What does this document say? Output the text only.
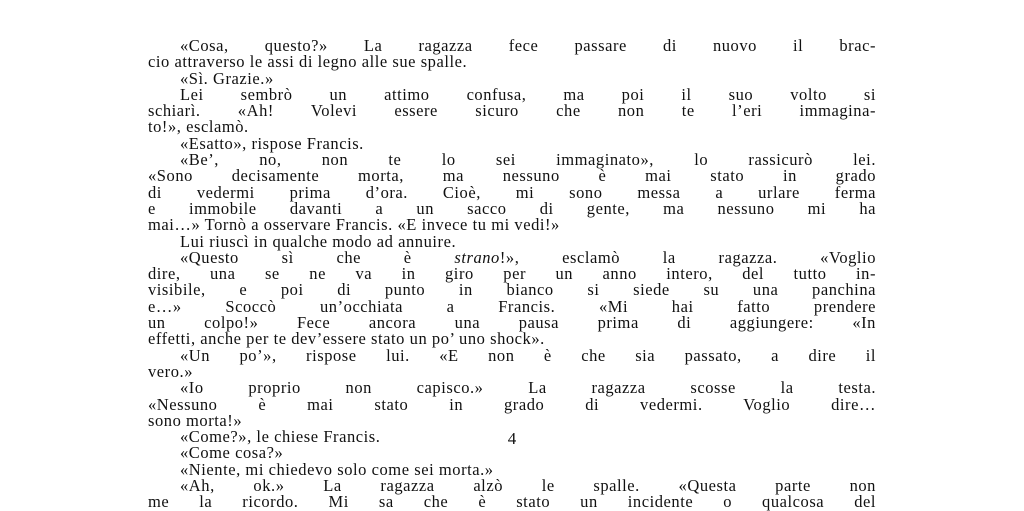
«Cosa, questo?» La ragazza fece passare di nuovo il brac-
cio attraverso le assi di legno alle sue spalle.
«Sì. Grazie.»
Lei sembrò un attimo confusa, ma poi il suo volto si
schiarì. «Ah! Volevi essere sicuro che non te l’eri immagina-
to!», esclamò.
«Esatto», rispose Francis.
«Be’, no, non te lo sei immaginato», lo rassicurò lei.
«Sono decisamente morta, ma nessuno è mai stato in grado
di vedermi prima d’ora. Cioè, mi sono messa a urlare ferma
e immobile davanti a un sacco di gente, ma nessuno mi ha
mai…» Tornò a osservare Francis. «E invece tu mi vedi!»
Lui riuscì in qualche modo ad annuire.
«Questo sì che è strano!», esclamò la ragazza. «Voglio
dire, una se ne va in giro per un anno intero, del tutto in-
visibile, e poi di punto in bianco si siede su una panchina
e…» Scoccò un’occhiata a Francis. «Mi hai fatto prendere
un colpo!» Fece ancora una pausa prima di aggiungere: «In
effetti, anche per te dev’essere stato un po’ uno shock».
«Un po’», rispose lui. «E non è che sia passato, a dire il
vero.»
«Io proprio non capisco.» La ragazza scosse la testa.
«Nessuno è mai stato in grado di vedermi. Voglio dire…
sono morta!»
«Come?», le chiese Francis.
«Come cosa?»
«Niente, mi chiedevo solo come sei morta.»
«Ah, ok.» La ragazza alzò le spalle. «Questa parte non
me la ricordo. Mi sa che è stato un incidente o qualcosa del
4
